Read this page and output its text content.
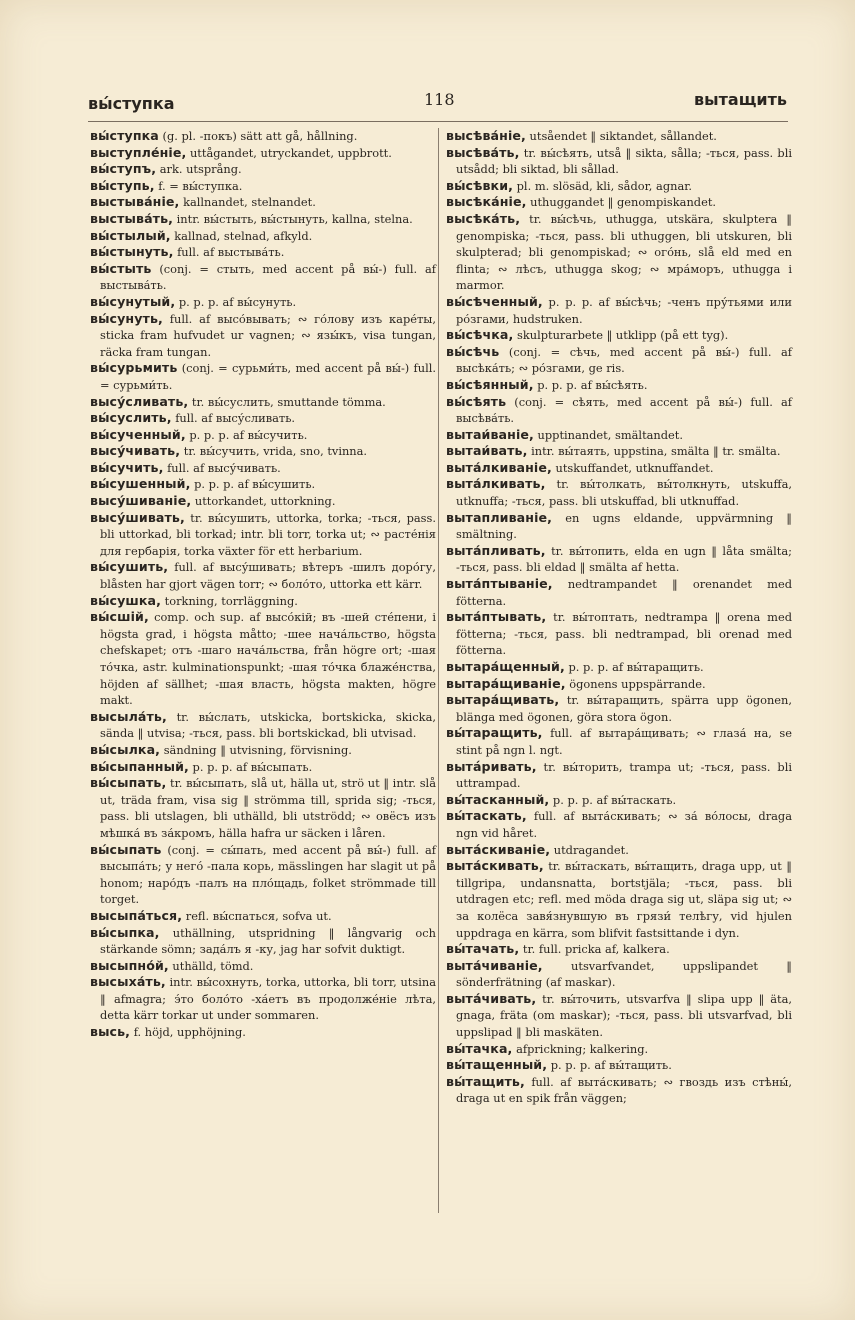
вы́ступка	118	вытащить

вы́ступка (g. pl. -покъ) sätt att gå, hållning.

выступле́ніе, uttågandet, utryckandet, uppbrott.

вы́ступъ, ark. utsprång.

вы́ступь, f. = вы́ступка.

выстыва́ніе, kallnandet, stelnandet.

выстыва́ть, intr. вы́стыть, вы́стынуть, kallna, stelna.

вы́стылый, kallnad, stelnad, afkyld.

вы́стынуть, full. af выстыва́ть.

вы́стыть (conj. = стыть, med accent på вы́-) full. af выстыва́ть.

вы́сунутый, p. p. p. af вы́сунуть.

вы́сунуть, full. af высо́вывать; ∾ го́лову изъ каре́ты, sticka fram hufvudet ur vagnen; ∾ язы́къ, visa tungan, räcka fram tungan.

вы́сурьмить (conj. = сурьми́ть, med accent på вы́-) full. = сурьми́ть.

высу́сливать, tr. вы́суслить, smuttande tömma.

вы́суслить, full. af высу́сливать.

вы́сученный, p. p. p. af вы́сучить.

высу́чивать, tr. вы́сучить, vrida, sno, tvinna.

вы́сучить, full. af высу́чивать.

вы́сушенный, p. p. p. af вы́сушить.

высу́шиваніе, uttorkandet, uttorkning.

высу́шивать, tr. вы́сушить, uttorka, torka; -ться, pass. bli uttorkad, bli torkad; intr. bli torr, torka ut; ∾ расте́нія для гербарія, torka växter för ett herbarium.

вы́сушить, full. af высу́шивать; вѣтеръ -шилъ доро́гу, blåsten har gjort vägen torr; ∾ боло́то, uttorka ett kärr.

вы́сушка, torkning, torrläggning.

вы́сшій, comp. och sup. af высо́кій; въ -шей сте́пени, i högsta grad, i högsta måtto; -шее нача́льство, högsta chefskapet; отъ -шаго нача́льства, från högre ort; -шая то́чка, astr. kulminationspunkt; -шая то́чка блаже́нства, höjden af sällhet; -шая власть, högsta makten, högre makt.

высыла́ть, tr. вы́слать, utskicka, bortskicka, skicka, sända ‖ utvisa; -ться, pass. bli bortskickad, bli utvisad.

вы́сылка, sändning ‖ utvisning, förvisning.

вы́сыпанный, p. p. p. af вы́сыпать.

вы́сыпать, tr. вы́сыпать, slå ut, hälla ut, strö ut ‖ intr. slå ut, träda fram, visa sig ‖ strömma till, sprida sig; -ться, pass. bli utslagen, bli uthälld, bli utströdd; ∾ овёсъ изъ мѣшка́ въ за́кромъ, hälla hafra ur säcken i låren.

вы́сыпать (conj. = сы́пать, med accent på вы́-) full. af высыпа́ть; у него́ -пала корь, mässlingen har slagit ut på honom; наро́дъ -палъ на пло́щадь, folket strömmade till torget.

высыпа́ться, refl. вы́спаться, sofva ut.

вы́сыпка, uthällning, utspridning ‖ långvarig och stärkande sömn; зада́лъ я -ку, jag har sofvit duktigt.

высыпно́й, uthälld, tömd.

высыха́ть, intr. вы́сохнуть, torka, uttorka, bli torr, utsina ‖ afmagra; э́то боло́то -ха́етъ въ продолже́ніе лѣта, detta kärr torkar ut under sommaren.

высь, f. höjd, upphöjning.

высѣва́ніе, utsåendet ‖ siktandet, sållandet.

высѣва́ть, tr. вы́сѣять, utså ‖ sikta, sålla; -ться, pass. bli utsådd; bli siktad, bli sållad.

вы́сѣвки, pl. m. slösäd, kli, sådor, agnar.

высѣка́ніе, uthuggandet ‖ genompiskandet.

высѣка́ть, tr. вы́сѣчь, uthugga, utskära, skulptera ‖ genompiska; -ться, pass. bli uthuggen, bli utskuren, bli skulpterad; bli genompiskad; ∾ ого́нь, slå eld med en flinta; ∾ лѣсъ, uthugga skog; ∾ мра́моръ, uthugga i marmor.

вы́сѣченный, p. p. p. af вы́сѣчь; -ченъ пру́тьями или ро́згами, hudstruken.

вы́сѣчка, skulpturarbete ‖ utklipp (på ett tyg).

вы́сѣчь (conj. = сѣчь, med accent på вы́-) full. af высѣка́ть; ∾ ро́згами, ge ris.

вы́сѣянный, p. p. p. af вы́сѣять.

вы́сѣять (conj. = сѣять, med accent på вы́-) full. af высѣва́ть.

вытаи́ваніе, upptinandet, smältandet.

вытаи́вать, intr. вы́таять, uppstina, smälta ‖ tr. smälta.

выта́лкиваніе, utskuffandet, utknuffandet.

выта́лкивать, tr. вы́толкать, вы́толкнуть, utskuffa, utknuffa; -ться, pass. bli utskuffad, bli utknuffad.

вытапливаніе, en ugns eldande, uppvärmning ‖ smältning.

выта́пливать, tr. вы́топить, elda en ugn ‖ låta smälta; -ться, pass. bli eldad ‖ smälta af hetta.

выта́птываніе, nedtrampandet ‖ orenandet med fötterna.

выта́птывать, tr. вы́топтать, nedtrampa ‖ orena med fötterna; -ться, pass. bli nedtrampad, bli orenad med fötterna.

вытара́щенный, p. p. p. af вы́таращить.

вытара́щиваніе, ögonens uppspärrande.

вытара́щивать, tr. вы́таращить, spärra upp ögonen, blänga med ögonen, göra stora ögon.

вы́таращить, full. af вытара́щивать; ∾ глаза́ на, se stint på ngn l. ngt.

вытáривать, tr. вы́торить, trampa ut; -ться, pass. bli uttrampad.

вы́тасканный, p. p. p. af вы́таскать.

вы́таскать, full. af выта́скивать; ∾ за́ во́лосы, draga ngn vid håret.

выта́скиваніе, utdragandet.

выта́скивать, tr. вы́таскать, вы́тащить, draga upp, ut ‖ tillgripa, undansnatta, bortstjäla; -ться, pass. bli utdragen etc; refl. med möda draga sig ut, släpa sig ut; ∾ за колёса завя́знувшую въ грязи́ телѣгу, vid hjulen uppdraga en kärra, som blifvit fastsittande i dyn.

вы́тачать, tr. full. pricka af, kalkera.

выта́чиваніе, utsvarfvandet, uppslipandet ‖ sönderfrätning (af maskar).

выта́чивать, tr. вы́точить, utsvarfva ‖ slipa upp ‖ äta, gnaga, fräta (om maskar); -ться, pass. bli utsvarfvad, bli uppslipad ‖ bli maskäten.

вы́тачка, afprickning; kalkering.

вы́тащенный, p. p. p. af вы́тащить.

вы́тащить, full. af выта́скивать; ∾ гвоздь изъ стѣны́, draga ut en spik från väggen;
